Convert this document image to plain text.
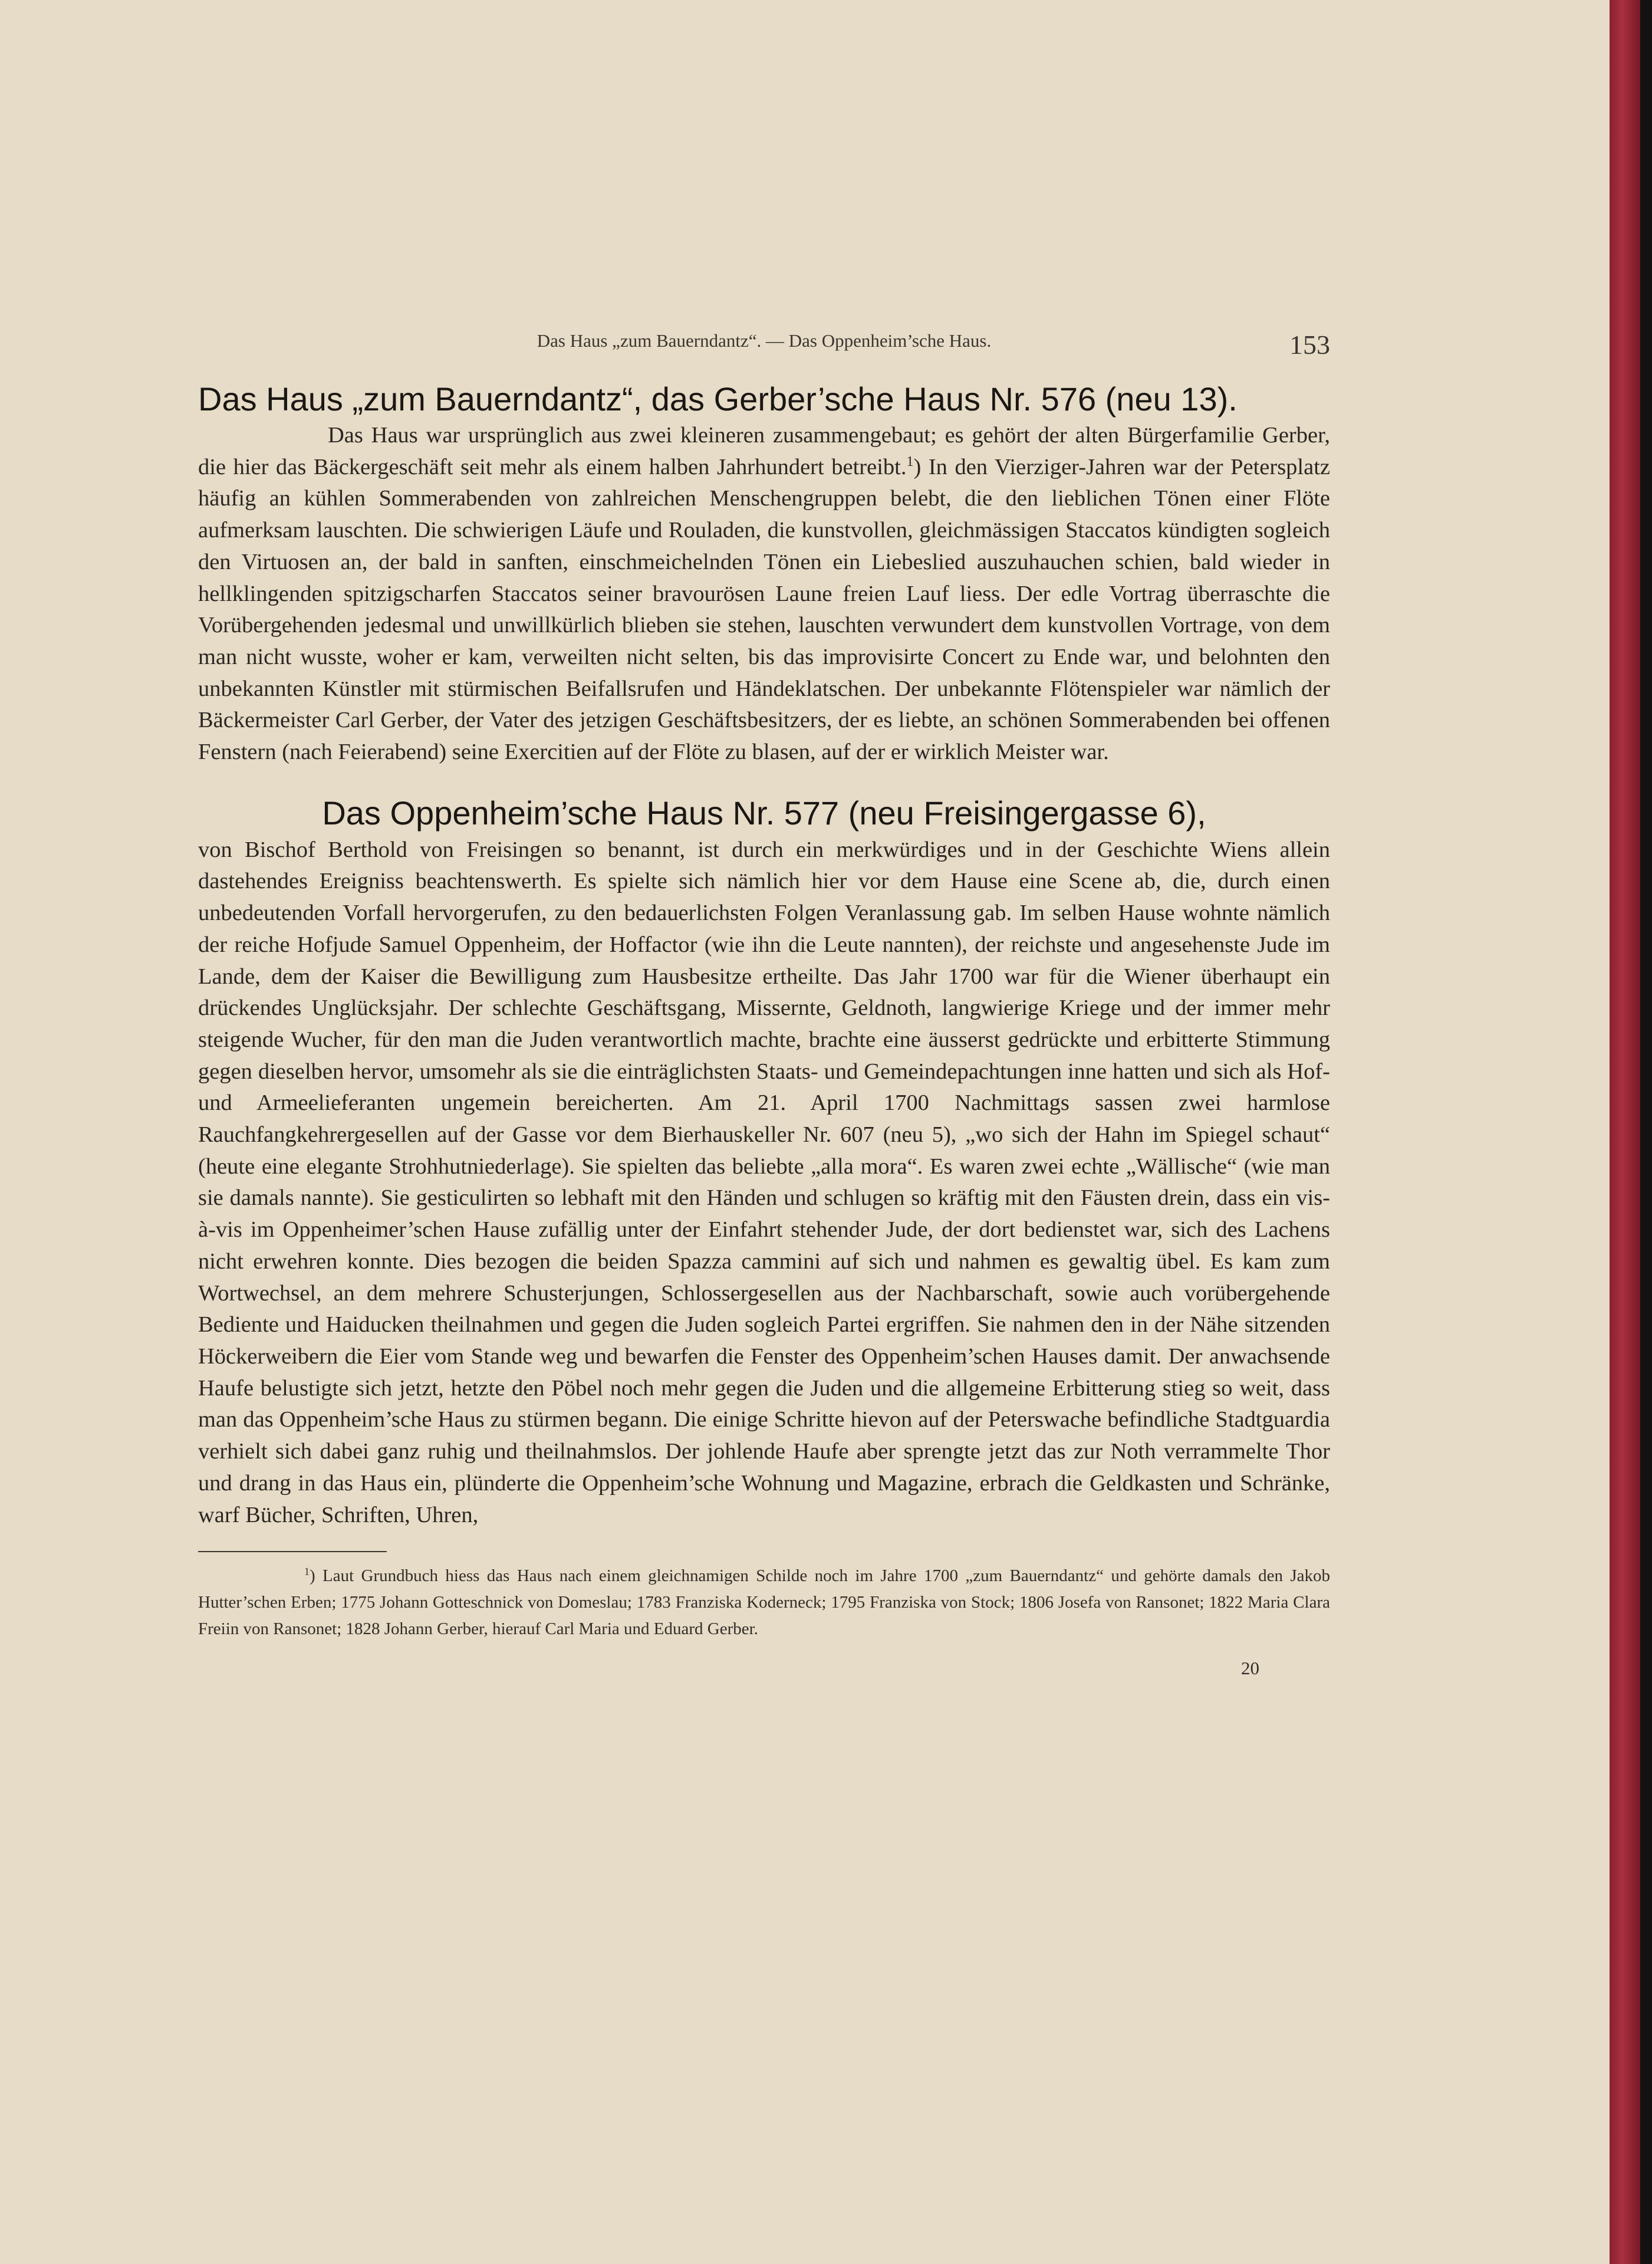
Das Haus „zum Bauerndantz“. — Das Oppenheim’sche Haus.	153
Das Haus „zum Bauerndantz“, das Gerber’sche Haus Nr. 576 (neu 13).

Das Haus war ursprünglich aus zwei kleineren zusammengebaut; es gehört der alten Bürgerfamilie Gerber, die hier das Bäckergeschäft seit mehr als einem halben Jahrhundert betreibt.$^1$) In den Vierziger-Jahren war der Petersplatz häufig an kühlen Sommerabenden von zahlreichen Menschengruppen belebt, die den lieblichen Tönen einer Flöte aufmerksam lauschten. Die schwierigen Läufe und Rouladen, die kunstvollen, gleichmässigen Staccatos kündigten sogleich den Virtuosen an, der bald in sanften, einschmeichelnden Tönen ein Liebeslied auszuhauchen schien, bald wieder in hellklingenden spitzigscharfen Staccatos seiner bravourösen Laune freien Lauf liess. Der edle Vortrag überraschte die Vorübergehenden jedesmal und unwillkürlich blieben sie stehen, lauschten verwundert dem kunstvollen Vortrage, von dem man nicht wusste, woher er kam, verweilten nicht selten, bis das improvisirte Concert zu Ende war, und belohnten den unbekannten Künstler mit stürmischen Beifallsrufen und Händeklatschen. Der unbekannte Flötenspieler war nämlich der Bäckermeister Carl Gerber, der Vater des jetzigen Geschäftsbesitzers, der es liebte, an schönen Sommerabenden bei offenen Fenstern (nach Feierabend) seine Exercitien auf der Flöte zu blasen, auf der er wirklich Meister war.

Das Oppenheim’sche Haus Nr. 577 (neu Freisingergasse 6),

von Bischof Berthold von Freisingen so benannt, ist durch ein merkwürdiges und in der Geschichte Wiens allein dastehendes Ereigniss beachtenswerth. Es spielte sich nämlich hier vor dem Hause eine Scene ab, die, durch einen unbedeutenden Vorfall hervorgerufen, zu den bedauerlichsten Folgen Veranlassung gab. Im selben Hause wohnte nämlich der reiche Hofjude Samuel Oppenheim, der Hoffactor (wie ihn die Leute nannten), der reichste und angesehenste Jude im Lande, dem der Kaiser die Bewilligung zum Hausbesitze ertheilte. Das Jahr 1700 war für die Wiener überhaupt ein drückendes Unglücksjahr. Der schlechte Geschäftsgang, Missernte, Geldnoth, langwierige Kriege und der immer mehr steigende Wucher, für den man die Juden verantwortlich machte, brachte eine äusserst gedrückte und erbitterte Stimmung gegen dieselben hervor, umsomehr als sie die einträglichsten Staats- und Gemeindepachtungen inne hatten und sich als Hof- und Armeelieferanten ungemein bereicherten. Am 21. April 1700 Nachmittags sassen zwei harmlose Rauchfangkehrergesellen auf der Gasse vor dem Bierhauskeller Nr. 607 (neu 5), „wo sich der Hahn im Spiegel schaut“ (heute eine elegante Strohhutniederlage). Sie spielten das beliebte „alla mora“. Es waren zwei echte „Wällische“ (wie man sie damals nannte). Sie gesticulirten so lebhaft mit den Händen und schlugen so kräftig mit den Fäusten drein, dass ein vis-à-vis im Oppenheimer’schen Hause zufällig unter der Einfahrt stehender Jude, der dort bedienstet war, sich des Lachens nicht erwehren konnte. Dies bezogen die beiden Spazza cammini auf sich und nahmen es gewaltig übel. Es kam zum Wortwechsel, an dem mehrere Schusterjungen, Schlossergesellen aus der Nachbarschaft, sowie auch vorübergehende Bediente und Haiducken theilnahmen und gegen die Juden sogleich Partei ergriffen. Sie nahmen den in der Nähe sitzenden Höckerweibern die Eier vom Stande weg und bewarfen die Fenster des Oppenheim’schen Hauses damit. Der anwachsende Haufe belustigte sich jetzt, hetzte den Pöbel noch mehr gegen die Juden und die allgemeine Erbitterung stieg so weit, dass man das Oppenheim’sche Haus zu stürmen begann. Die einige Schritte hievon auf der Peterswache befindliche Stadtguardia verhielt sich dabei ganz ruhig und theilnahmslos. Der johlende Haufe aber sprengte jetzt das zur Noth verrammelte Thor und drang in das Haus ein, plünderte die Oppenheim’sche Wohnung und Magazine, erbrach die Geldkasten und Schränke, warf Bücher, Schriften, Uhren,

$^1$) Laut Grundbuch hiess das Haus nach einem gleichnamigen Schilde noch im Jahre 1700 „zum Bauerndantz“ und gehörte damals den Jakob Hutter’schen Erben; 1775 Johann Gotteschnick von Domeslau; 1783 Franziska Koderneck; 1795 Franziska von Stock; 1806 Josefa von Ransonet; 1822 Maria Clara Freiin von Ransonet; 1828 Johann Gerber, hierauf Carl Maria und Eduard Gerber.

20
